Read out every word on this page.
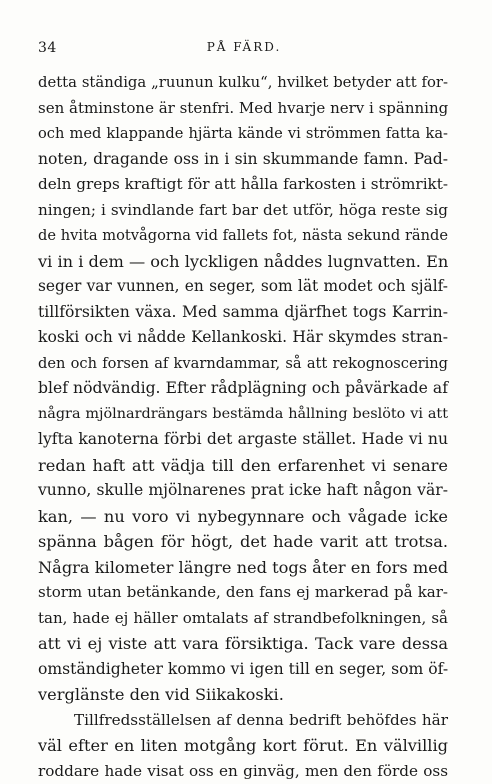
34	PÅ FÄRD.
detta ständiga „ruunun kulku“, hvilket betyder att for-
sen åtminstone är stenfri. Med hvarje nerv i spänning
och med klappande hjärta kände vi strömmen fatta ka-
noten, dragande oss in i sin skummande famn. Pad-
deln greps kraftigt för att hålla farkosten i strömrikt-
ningen; i svindlande fart bar det utför, höga reste sig
de hvita motvågorna vid fallets fot, nästa sekund rände
vi in i dem — och lyckligen nåddes lugnvatten. En
seger var vunnen, en seger, som lät modet och själf-
tillförsikten växa. Med samma djärfhet togs Karrin-
koski och vi nådde Kellankoski. Här skymdes stran-
den och forsen af kvarndammar, så att rekognoscering
blef nödvändig. Efter rådplägning och påvärkade af
några mjölnardrängars bestämda hållning beslöto vi att
lyfta kanoterna förbi det argaste stället. Hade vi nu
redan haft att vädja till den erfarenhet vi senare
vunno, skulle mjölnarenes prat icke haft någon vär-
kan, — nu voro vi nybegynnare och vågade icke
spänna bågen för högt, det hade varit att trotsa.
Några kilometer längre ned togs åter en fors med
storm utan betänkande, den fans ej markerad på kar-
tan, hade ej häller omtalats af strandbefolkningen, så
att vi ej viste att vara försiktiga. Tack vare dessa
omständigheter kommo vi igen till en seger, som öf-
verglänste den vid Siikakoski.
Tillfredsställelsen af denna bedrift behöfdes här
väl efter en liten motgång kort förut. En välvillig
roddare hade visat oss en ginväg, men den förde oss
